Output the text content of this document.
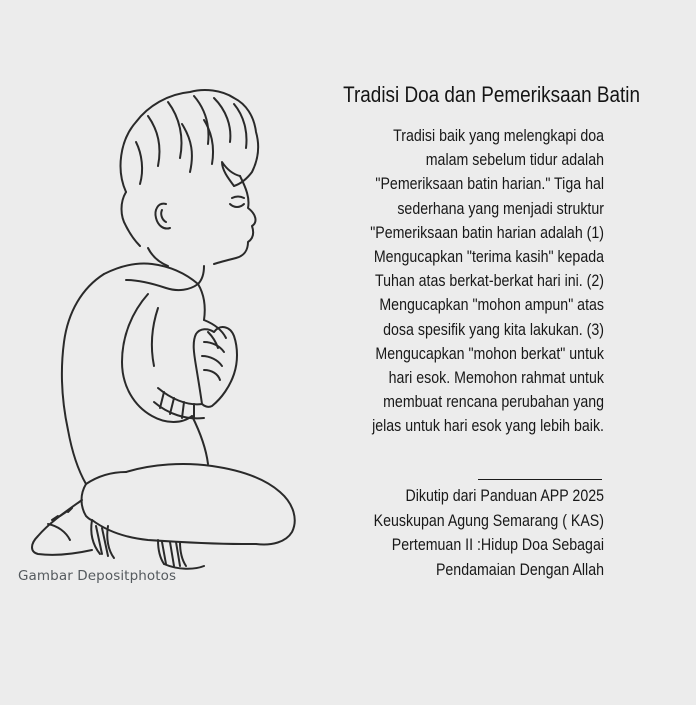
Gambar Depositphotos
Tradisi Doa dan Pemeriksaan Batin
Tradisi baik yang melengkapi doa
malam sebelum tidur adalah
"Pemeriksaan batin harian." Tiga hal
sederhana yang menjadi struktur
"Pemeriksaan batin harian adalah (1)
Mengucapkan "terima kasih" kepada
Tuhan atas berkat-berkat hari ini. (2)
Mengucapkan "mohon ampun" atas
dosa spesifik yang kita lakukan. (3)
Mengucapkan "mohon berkat" untuk
hari esok. Memohon rahmat untuk
membuat rencana perubahan yang
jelas untuk hari esok yang lebih baik.
Dikutip dari Panduan APP 2025
Keuskupan Agung Semarang ( KAS)
Pertemuan II :Hidup Doa Sebagai
Pendamaian Dengan Allah
